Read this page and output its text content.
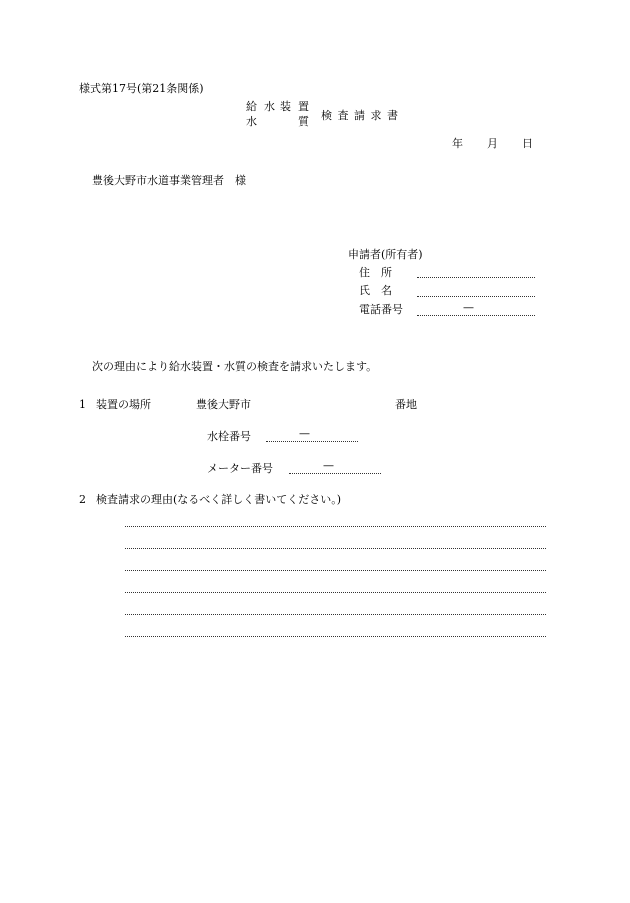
様式第17号(第21条関係)
給 水 装 置
水	質 検 査 請 求 書
年 月 日
豊後大野市水道事業管理者　様
申請者(所有者)
住　所
氏　名
電話番号	—
次の理由により給水装置・水質の検査を請求いたします。
1 装置の場所	豊後大野市	番地
水栓番号	—
メーター番号	—
2 検査請求の理由(なるべく詳しく書いてください。)
